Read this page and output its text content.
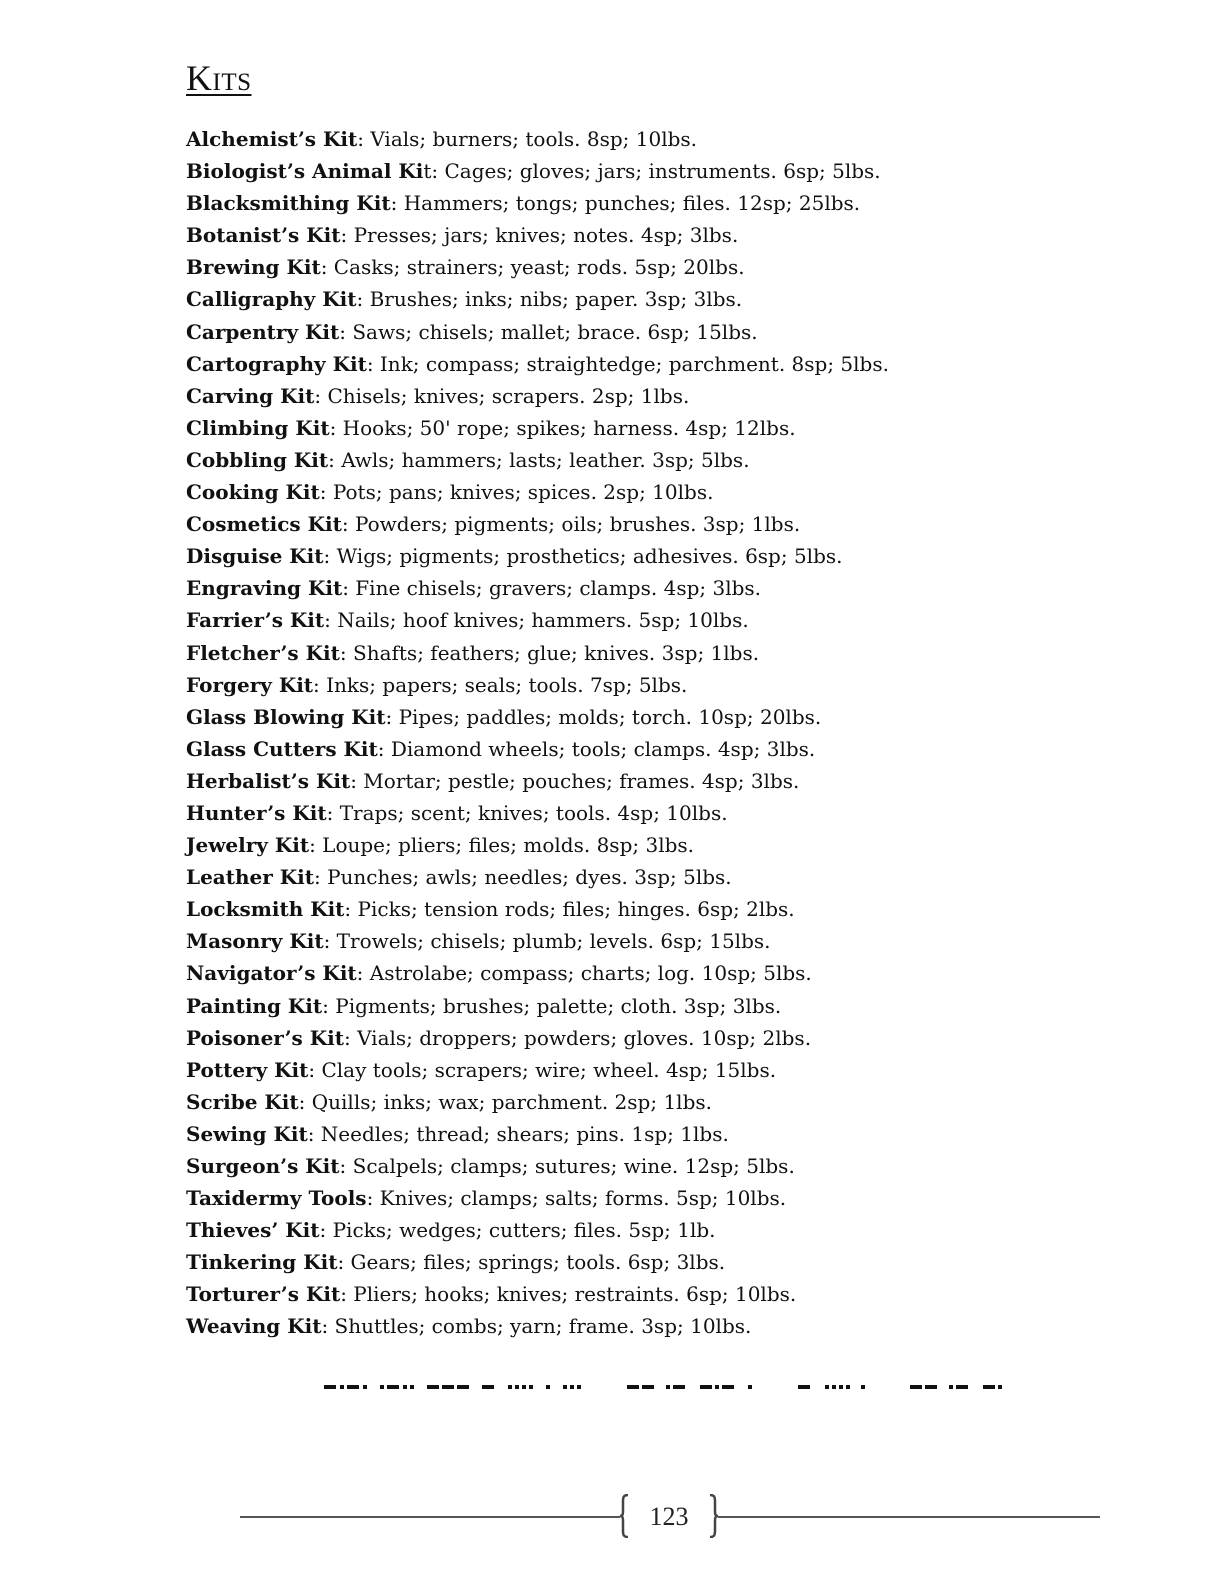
Kits
Alchemist’s Kit: Vials; burners; tools. 8sp; 10lbs.
Biologist’s Animal Kit: Cages; gloves; jars; instruments. 6sp; 5lbs.
Blacksmithing Kit: Hammers; tongs; punches; files. 12sp; 25lbs.
Botanist’s Kit: Presses; jars; knives; notes. 4sp; 3lbs.
Brewing Kit: Casks; strainers; yeast; rods. 5sp; 20lbs.
Calligraphy Kit: Brushes; inks; nibs; paper. 3sp; 3lbs.
Carpentry Kit: Saws; chisels; mallet; brace. 6sp; 15lbs.
Cartography Kit: Ink; compass; straightedge; parchment. 8sp; 5lbs.
Carving Kit: Chisels; knives; scrapers. 2sp; 1lbs.
Climbing Kit: Hooks; 50' rope; spikes; harness. 4sp; 12lbs.
Cobbling Kit: Awls; hammers; lasts; leather. 3sp; 5lbs.
Cooking Kit: Pots; pans; knives; spices. 2sp; 10lbs.
Cosmetics Kit: Powders; pigments; oils; brushes. 3sp; 1lbs.
Disguise Kit: Wigs; pigments; prosthetics; adhesives. 6sp; 5lbs.
Engraving Kit: Fine chisels; gravers; clamps. 4sp; 3lbs.
Farrier’s Kit: Nails; hoof knives; hammers. 5sp; 10lbs.
Fletcher’s Kit: Shafts; feathers; glue; knives. 3sp; 1lbs.
Forgery Kit: Inks; papers; seals; tools. 7sp; 5lbs.
Glass Blowing Kit: Pipes; paddles; molds; torch. 10sp; 20lbs.
Glass Cutters Kit: Diamond wheels; tools; clamps. 4sp; 3lbs.
Herbalist’s Kit: Mortar; pestle; pouches; frames. 4sp; 3lbs.
Hunter’s Kit: Traps; scent; knives; tools. 4sp; 10lbs.
Jewelry Kit: Loupe; pliers; files; molds. 8sp; 3lbs.
Leather Kit: Punches; awls; needles; dyes. 3sp; 5lbs.
Locksmith Kit: Picks; tension rods; files; hinges. 6sp; 2lbs.
Masonry Kit: Trowels; chisels; plumb; levels. 6sp; 15lbs.
Navigator’s Kit: Astrolabe; compass; charts; log. 10sp; 5lbs.
Painting Kit: Pigments; brushes; palette; cloth. 3sp; 3lbs.
Poisoner’s Kit: Vials; droppers; powders; gloves. 10sp; 2lbs.
Pottery Kit: Clay tools; scrapers; wire; wheel. 4sp; 15lbs.
Scribe Kit: Quills; inks; wax; parchment. 2sp; 1lbs.
Sewing Kit: Needles; thread; shears; pins. 1sp; 1lbs.
Surgeon’s Kit: Scalpels; clamps; sutures; wine. 12sp; 5lbs.
Taxidermy Tools: Knives; clamps; salts; forms. 5sp; 10lbs.
Thieves’ Kit: Picks; wedges; cutters; files. 5sp; 1lb.
Tinkering Kit: Gears; files; springs; tools. 6sp; 3lbs.
Torturer’s Kit: Pliers; hooks; knives; restraints. 6sp; 10lbs.
Weaving Kit: Shuttles; combs; yarn; frame. 3sp; 10lbs.
123
